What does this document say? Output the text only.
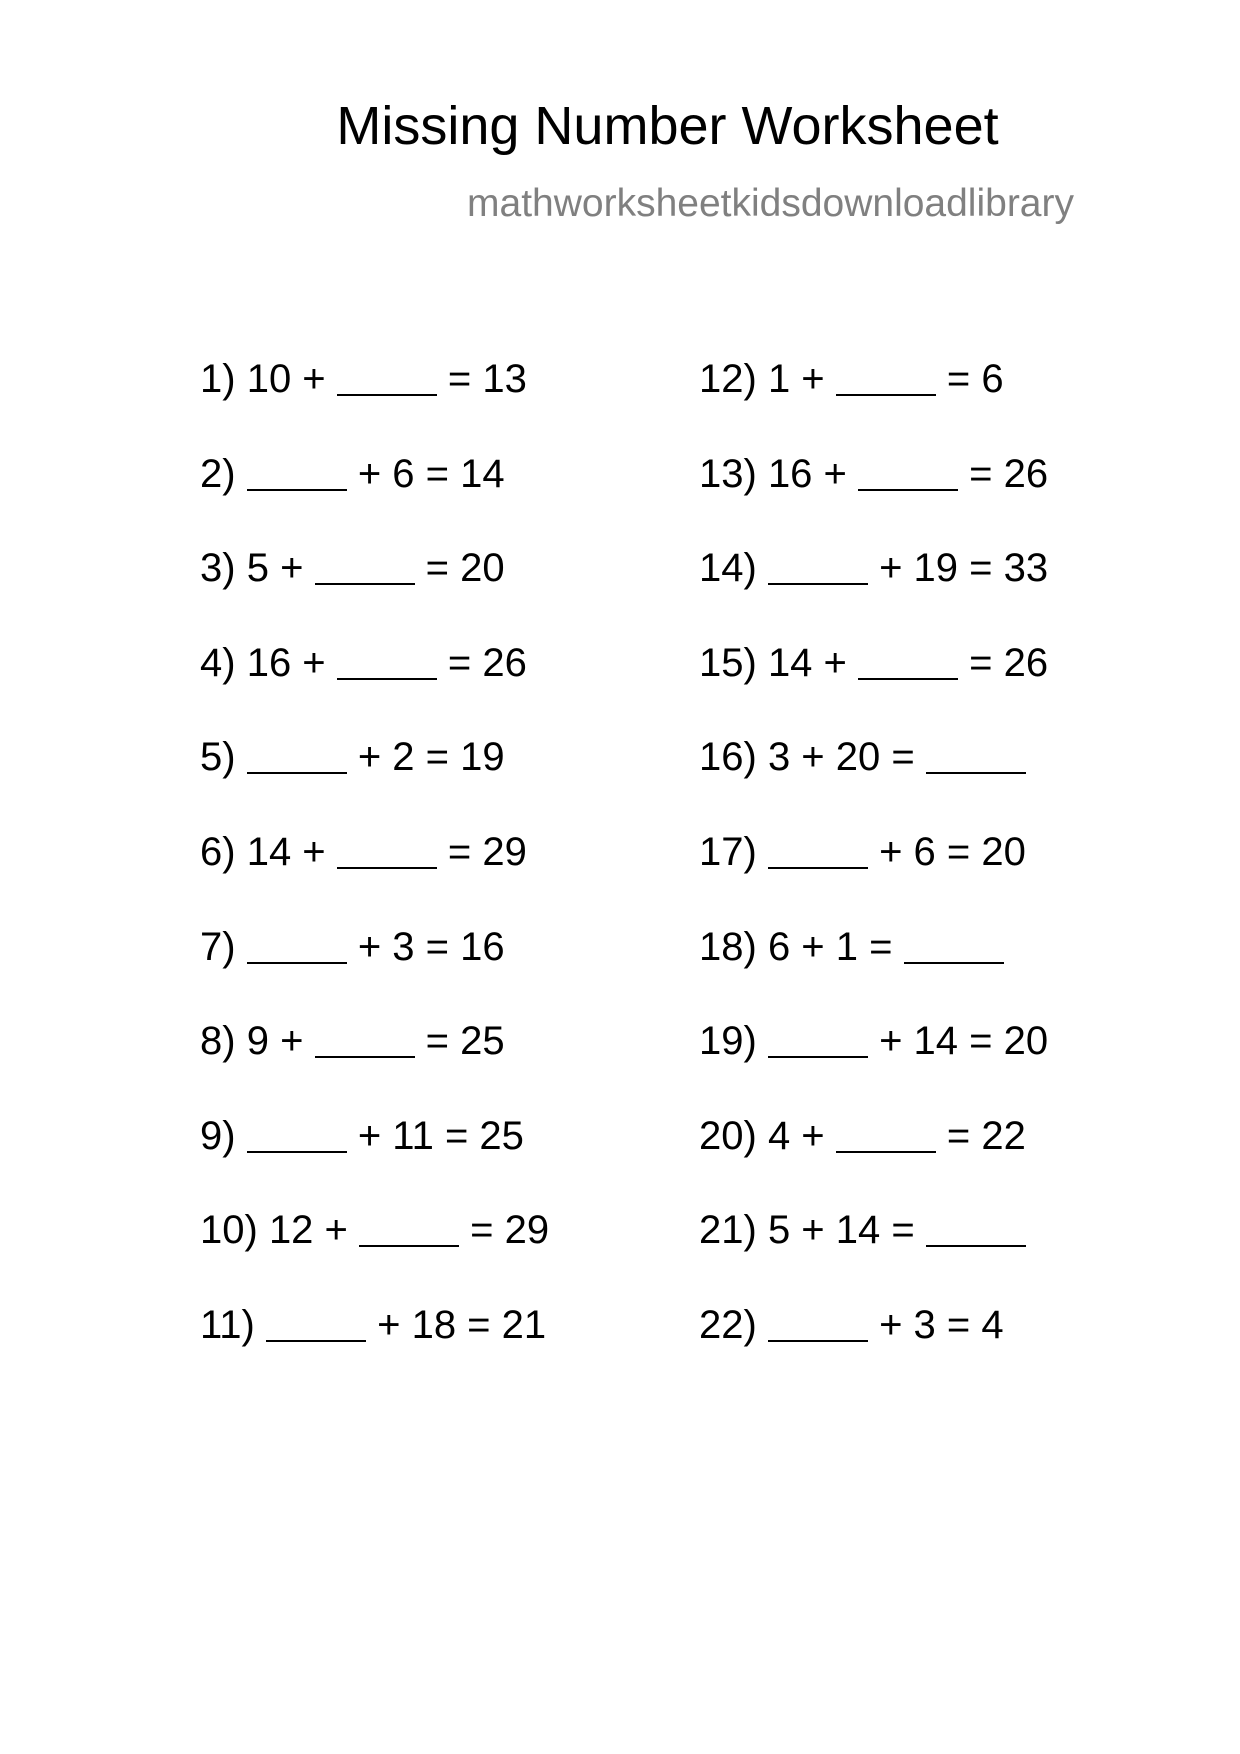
Missing Number Worksheet
mathworksheetkidsdownloadlibrary
1) 10 +	= 13
2)	+ 6 = 14
3) 5 +	= 20
4) 16 +	= 26
5)	+ 2 = 19
6) 14 +	= 29
7)	+ 3 = 16
8) 9 +	= 25
9)	+ 11 = 25
10) 12 +	= 29
11)	+ 18 = 21
12) 1 +	= 6
13) 16 +	= 26
14)	+ 19 = 33
15) 14 +	= 26
16) 3 + 20 =
17)	+ 6 = 20
18) 6 + 1 =
19)	+ 14 = 20
20) 4 +	= 22
21) 5 + 14 =
22)	+ 3 = 4
